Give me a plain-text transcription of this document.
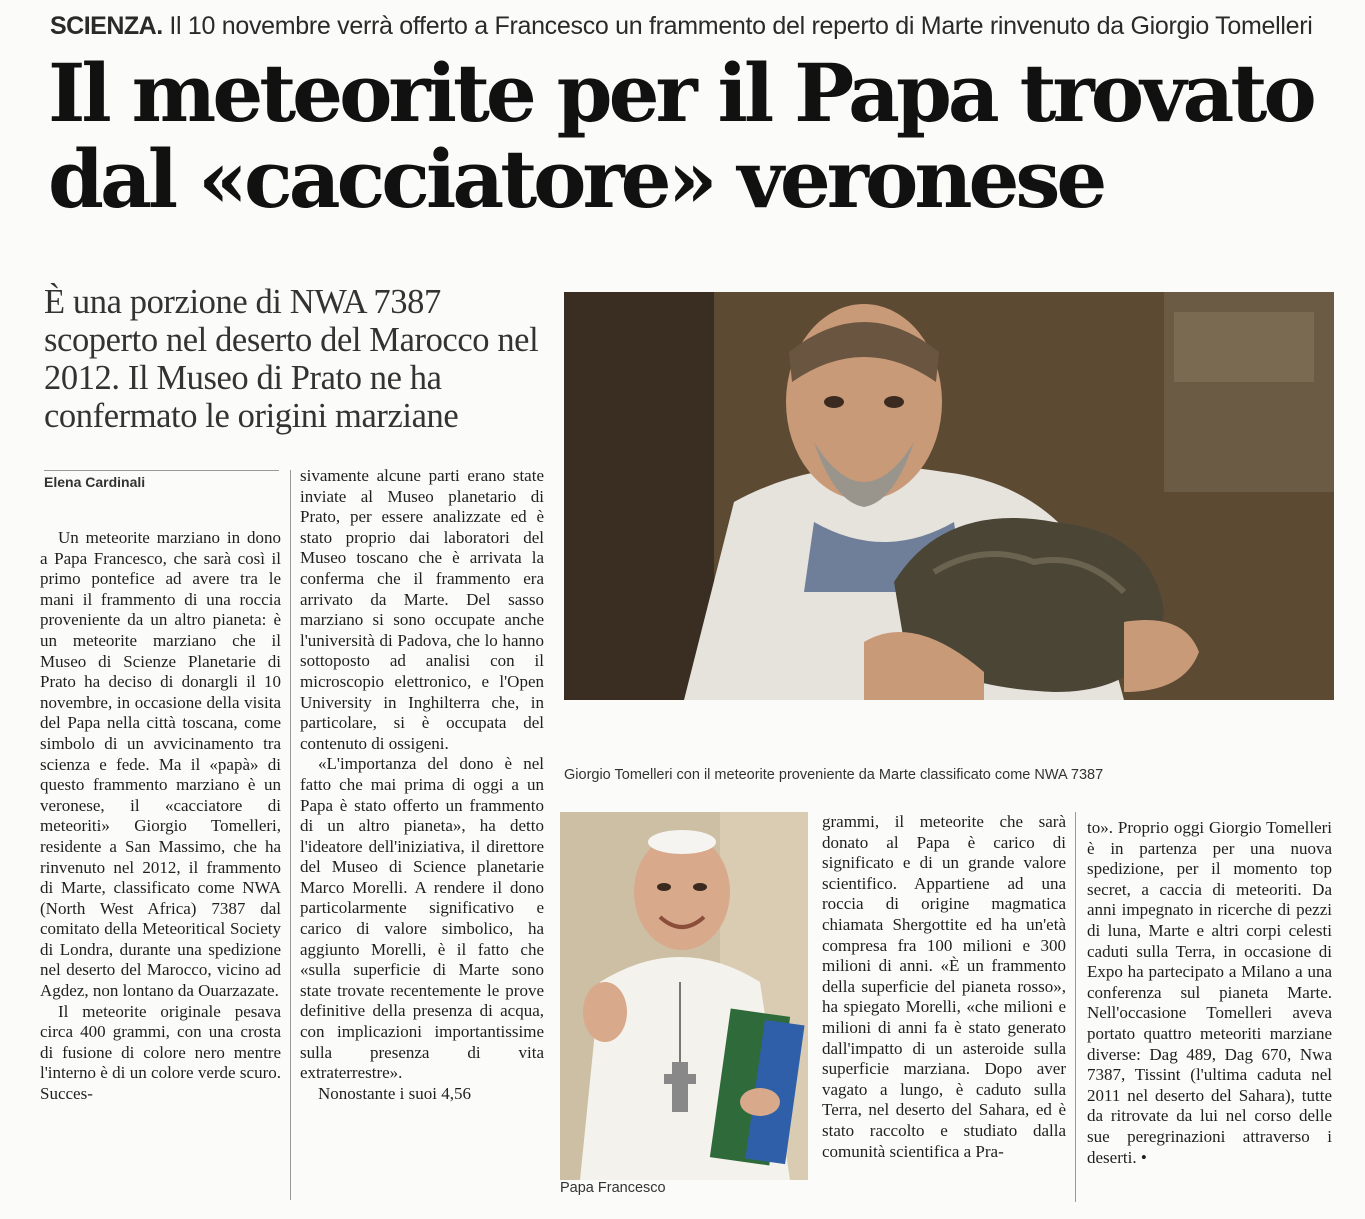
SCIENZA. Il 10 novembre verrà offerto a Francesco un frammento del reperto di Marte rinvenuto da Giorgio Tomelleri
Il meteorite per il Papa trovato
dal «cacciatore» veronese
È una porzione di NWA 7387 scoperto nel deserto del Marocco nel 2012. Il Museo di Prato ne ha confermato le origini marziane
Elena Cardinali

Un meteorite marziano in dono a Papa Francesco, che sarà così il primo pontefice ad avere tra le mani il frammento di una roccia proveniente da un altro pianeta: è un meteorite marziano che il Museo di Scienze Planetarie di Prato ha deciso di donargli il 10 novembre, in occasione della visita del Papa nella città toscana, come simbolo di un avvicinamento tra scienza e fede. Ma il «papà» di questo frammento marziano è un veronese, il «cacciatore di meteoriti» Giorgio Tomelleri, residente a San Massimo, che ha rinvenuto nel 2012, il frammento di Marte, classificato come NWA (North West Africa) 7387 dal comitato della Meteoritical Society di Londra, durante una spedizione nel deserto del Marocco, vicino ad Agdez, non lontano da Ouarzazate.

Il meteorite originale pesava circa 400 grammi, con una crosta di fusione di colore nero mentre l'interno è di un colore verde scuro. Succes-

sivamente alcune parti erano state inviate al Museo planetario di Prato, per essere analizzate ed è stato proprio dai laboratori del Museo toscano che è arrivata la conferma che il frammento era arrivato da Marte. Del sasso marziano si sono occupate anche l'università di Padova, che lo hanno sottoposto ad analisi con il microscopio elettronico, e l'Open University in Inghilterra che, in particolare, si è occupata del contenuto di ossigeni.

«L'importanza del dono è nel fatto che mai prima di oggi a un Papa è stato offerto un frammento di un altro pianeta», ha detto l'ideatore dell'iniziativa, il direttore del Museo di Science planetarie Marco Morelli. A rendere il dono particolarmente significativo e carico di valore simbolico, ha aggiunto Morelli, è il fatto che «sulla superficie di Marte sono state trovate recentemente le prove definitive della presenza di acqua, con implicazioni importantissime sulla presenza di vita extraterrestre».

Nonostante i suoi 4,56

Giorgio Tomelleri con il meteorite proveniente da Marte classificato come NWA 7387
Papa Francesco

grammi, il meteorite che sarà donato al Papa è carico di significato e di un grande valore scientifico. Appartiene ad una roccia di origine magmatica chiamata Shergottite ed ha un'età compresa fra 100 milioni e 300 milioni di anni. «È un frammento della superficie del pianeta rosso», ha spiegato Morelli, «che milioni e milioni di anni fa è stato generato dall'impatto di un asteroide sulla superficie marziana. Dopo aver vagato a lungo, è caduto sulla Terra, nel deserto del Sahara, ed è stato raccolto e studiato dalla comunità scientifica a Pra-

to». Proprio oggi Giorgio Tomelleri è in partenza per una nuova spedizione, per il momento top secret, a caccia di meteoriti. Da anni impegnato in ricerche di pezzi di luna, Marte e altri corpi celesti caduti sulla Terra, in occasione di Expo ha partecipato a Milano a una conferenza sul pianeta Marte. Nell'occasione Tomelleri aveva portato quattro meteoriti marziane diverse: Dag 489, Dag 670, Nwa 7387, Tissint (l'ultima caduta nel 2011 nel deserto del Sahara), tutte da ritrovate da lui nel corso delle sue peregrinazioni attraverso i deserti. •
